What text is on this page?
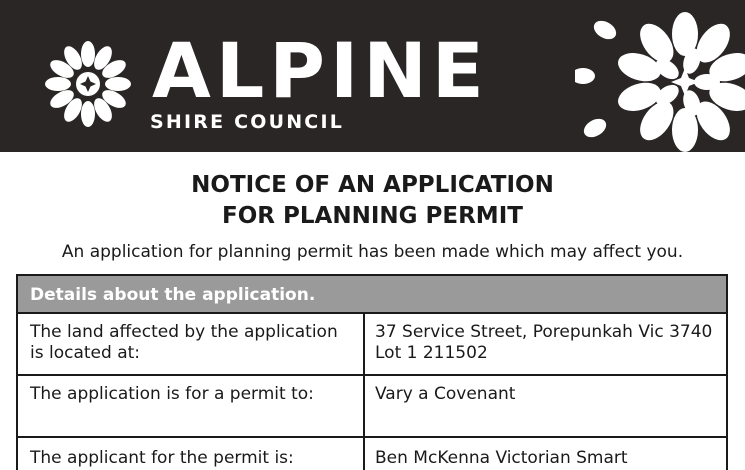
ALPINE
SHIRE COUNCIL
NOTICE OF AN APPLICATION
FOR PLANNING PERMIT
An application for planning permit has been made which may affect you.
Details about the application.
The land affected by the application is located at:
37 Service Street, Porepunkah Vic 3740 Lot 1 211502
The application is for a permit to:	Vary a Covenant
The applicant for the permit is:	Ben McKenna Victorian Smart
